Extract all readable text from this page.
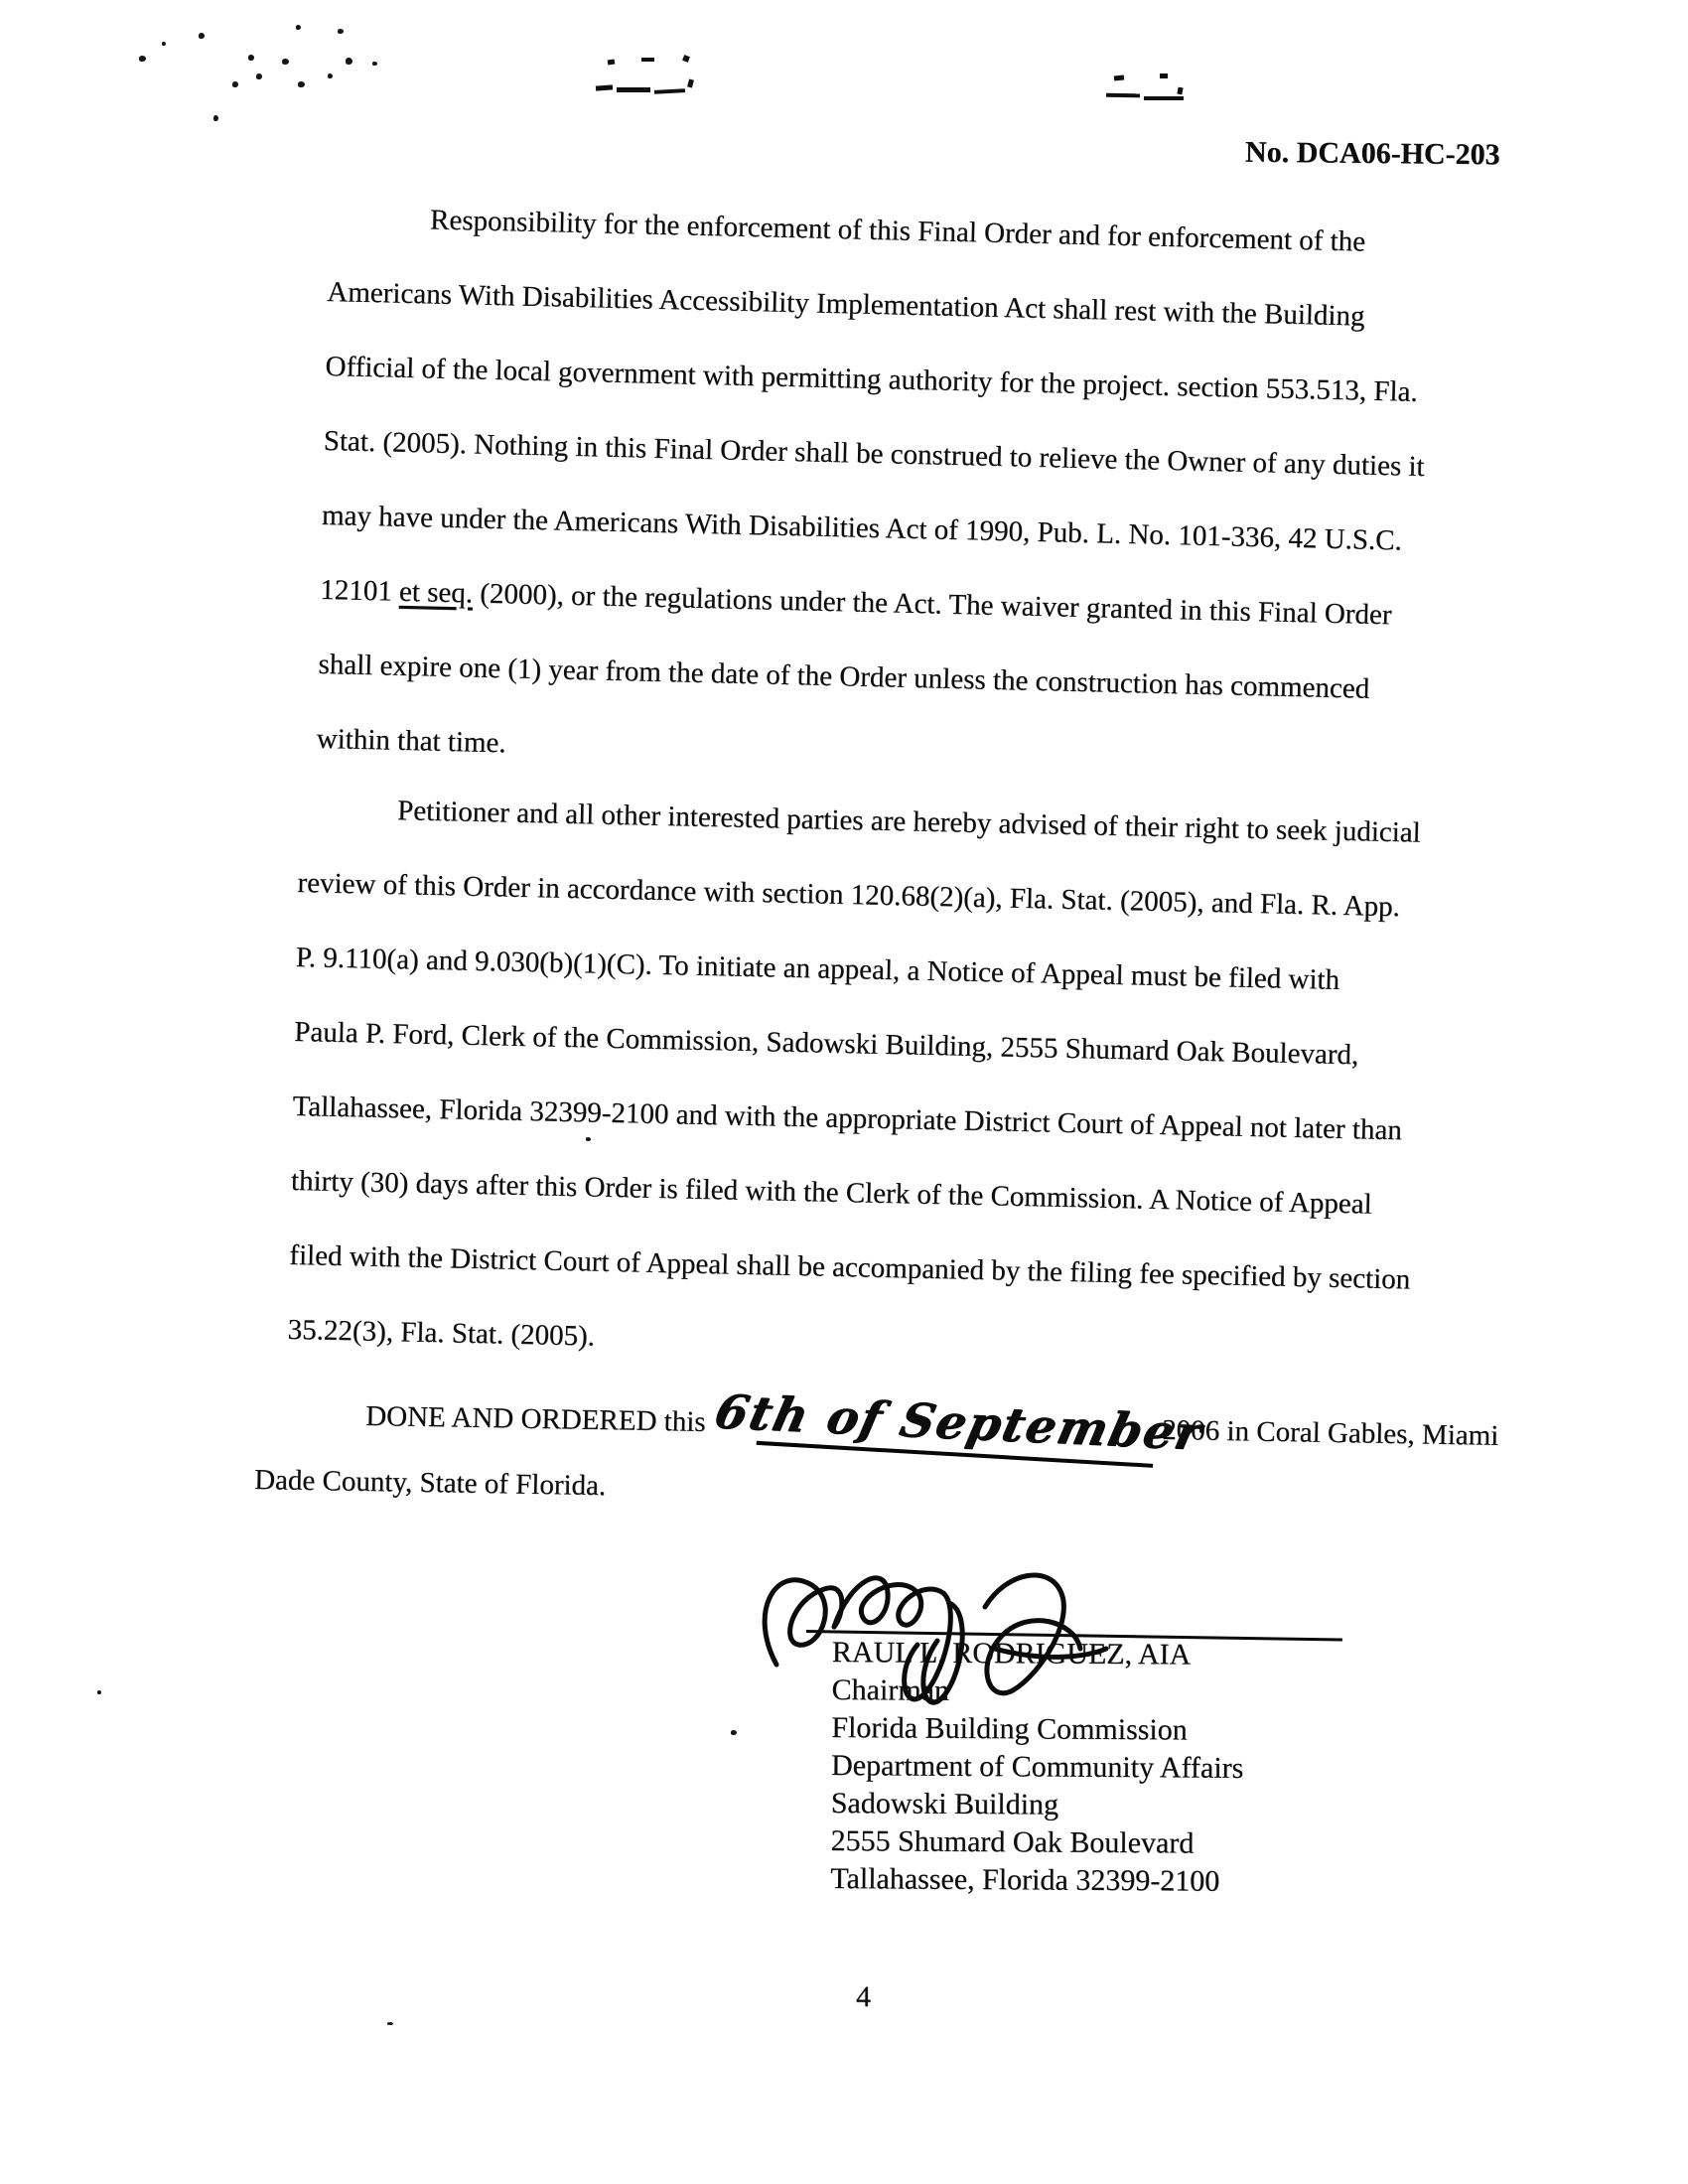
No. DCA06-HC-203
Responsibility for the enforcement of this Final Order and for enforcement of the
Americans With Disabilities Accessibility Implementation Act shall rest with the Building
Official of the local government with permitting authority for the project. section 553.513, Fla.
Stat. (2005). Nothing in this Final Order shall be construed to relieve the Owner of any duties it
may have under the Americans With Disabilities Act of 1990, Pub. L. No. 101-336, 42 U.S.C.
12101 et seq. (2000), or the regulations under the Act. The waiver granted in this Final Order
shall expire one (1) year from the date of the Order unless the construction has commenced
within that time.
Petitioner and all other interested parties are hereby advised of their right to seek judicial
review of this Order in accordance with section 120.68(2)(a), Fla. Stat. (2005), and Fla. R. App.
P. 9.110(a) and 9.030(b)(1)(C). To initiate an appeal, a Notice of Appeal must be filed with
Paula P. Ford, Clerk of the Commission, Sadowski Building, 2555 Shumard Oak Boulevard,
Tallahassee, Florida 32399-2100 and with the appropriate District Court of Appeal not later than
thirty (30) days after this Order is filed with the Clerk of the Commission. A Notice of Appeal
filed with the District Court of Appeal shall be accompanied by the filing fee specified by section
35.22(3), Fla. Stat. (2005).
DONE AND ORDERED this6th of September 2006 in Coral Gables, Miami
Dade County, State of Florida.
RAUL L. RODRIGUEZ, AIA
Chairman
Florida Building Commission
Department of Community Affairs
Sadowski Building
2555 Shumard Oak Boulevard
Tallahassee, Florida 32399-2100
4
